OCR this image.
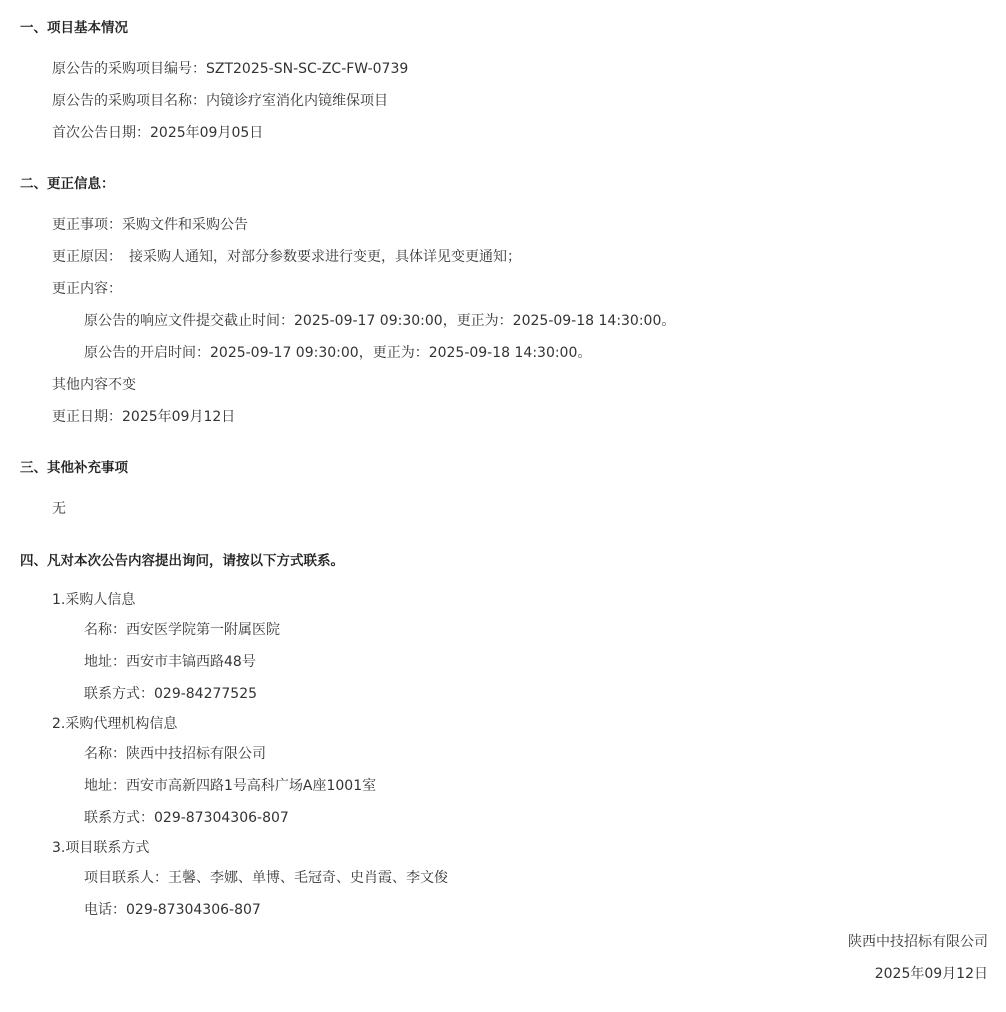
一、项目基本情况
原公告的采购项目编号：SZT2025-SN-SC-ZC-FW-0739
原公告的采购项目名称：内镜诊疗室消化内镜维保项目
首次公告日期：2025年09月05日
二、更正信息：
更正事项：采购文件和采购公告
更正原因：　接采购人通知，对部分参数要求进行变更，具体详见变更通知；
更正内容：
原公告的响应文件提交截止时间：2025-09-17 09:30:00，更正为：2025-09-18 14:30:00。
原公告的开启时间：2025-09-17 09:30:00，更正为：2025-09-18 14:30:00。
其他内容不变
更正日期：2025年09月12日
三、其他补充事项
无
四、凡对本次公告内容提出询问，请按以下方式联系。
1.采购人信息
名称：西安医学院第一附属医院
地址：西安市丰镐西路48号
联系方式：029-84277525
2.采购代理机构信息
名称：陕西中技招标有限公司
地址：西安市高新四路1号高科广场A座1001室
联系方式：029-87304306-807
3.项目联系方式
项目联系人：王馨、李娜、单博、毛冠奇、史肖霞、李文俊
电话：029-87304306-807
陕西中技招标有限公司
2025年09月12日
